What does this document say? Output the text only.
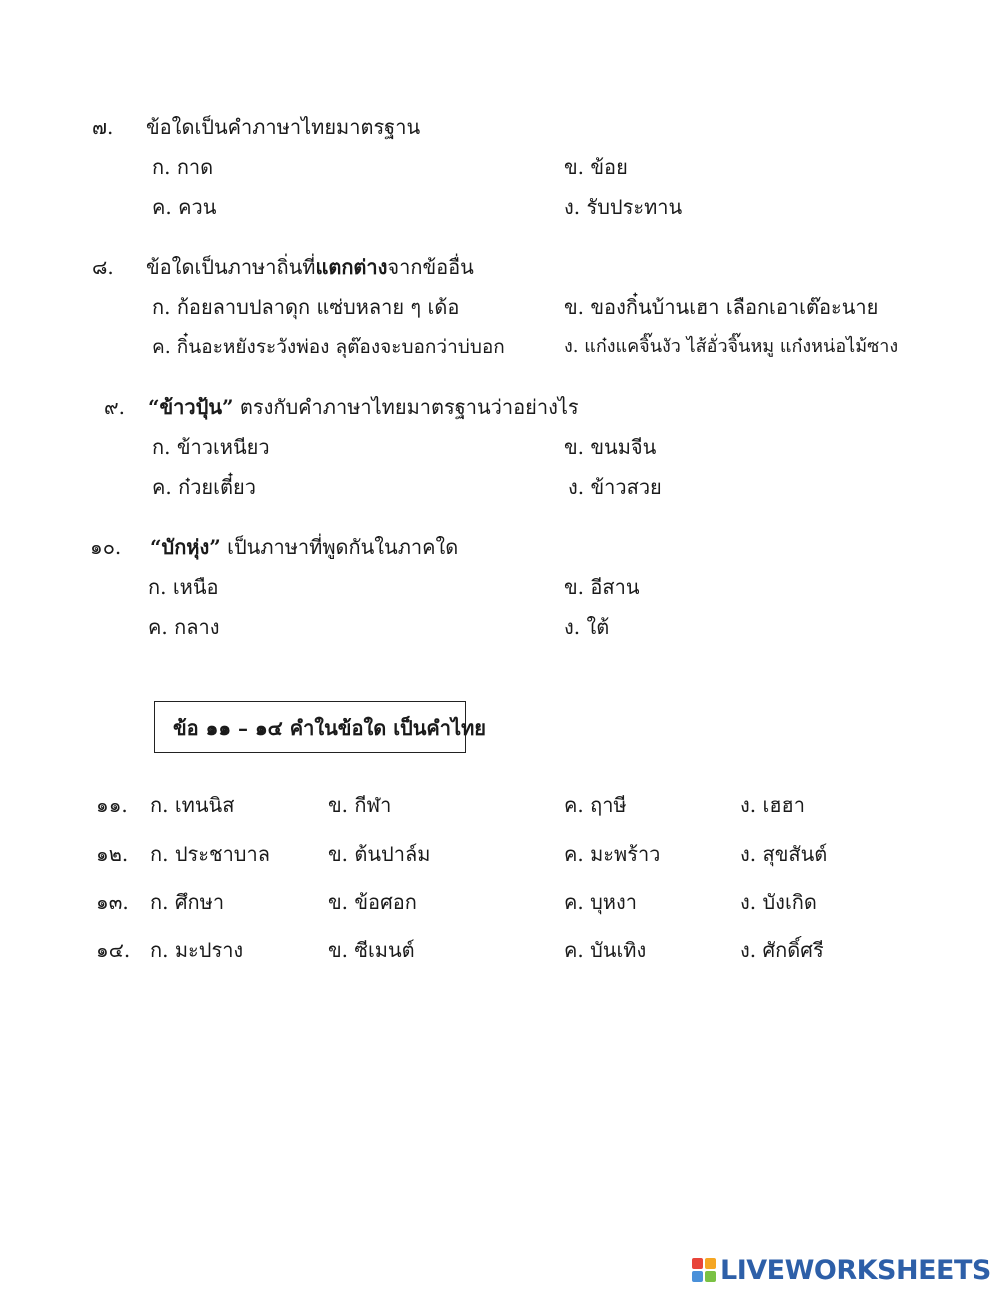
๗. ข้อใดเป็นคำภาษาไทยมาตรฐาน
ก. กาด	ข. ข้อย
ค. ควน	ง. รับประทาน
๘. ข้อใดเป็นภาษาถิ่นที่แตกต่างจากข้ออื่น
ก. ก้อยลาบปลาดุก แซ่บหลาย ๆ เด้อ	ข. ของกิ๋นบ้านเฮา เลือกเอาเต๊อะนาย
ค. กิ๋นอะหยังระวังพ่อง ลุต๊องจะบอกว่าบ่บอก	ง. แก๋งแคจิ๊นงัว ไส้อั่วจิ๊นหมู แก๋งหน่อไม้ซาง
๙. “ข้าวปุ้น” ตรงกับคำภาษาไทยมาตรฐานว่าอย่างไร
ก. ข้าวเหนียว	ข. ขนมจีน
ค. ก๋วยเตี๋ยว	ง. ข้าวสวย
๑๐. “บักหุ่ง” เป็นภาษาที่พูดกันในภาคใด
ก. เหนือ	ข. อีสาน
ค. กลาง	ง. ใต้
ข้อ ๑๑ – ๑๔ คำในข้อใด เป็นคำไทย
๑๑. ก. เทนนิส	ข. กีฬา	ค. ฤาษี	ง. เฮฮา
๑๒. ก. ประชาบาล	ข. ต้นปาล์ม	ค. มะพร้าว	ง. สุขสันต์
๑๓. ก. ศึกษา	ข. ข้อศอก	ค. บุหงา	ง. บังเกิด
๑๔. ก. มะปราง	ข. ซีเมนต์	ค. บันเทิง	ง. ศักดิ์ศรี
LIVEWORKSHEETS
